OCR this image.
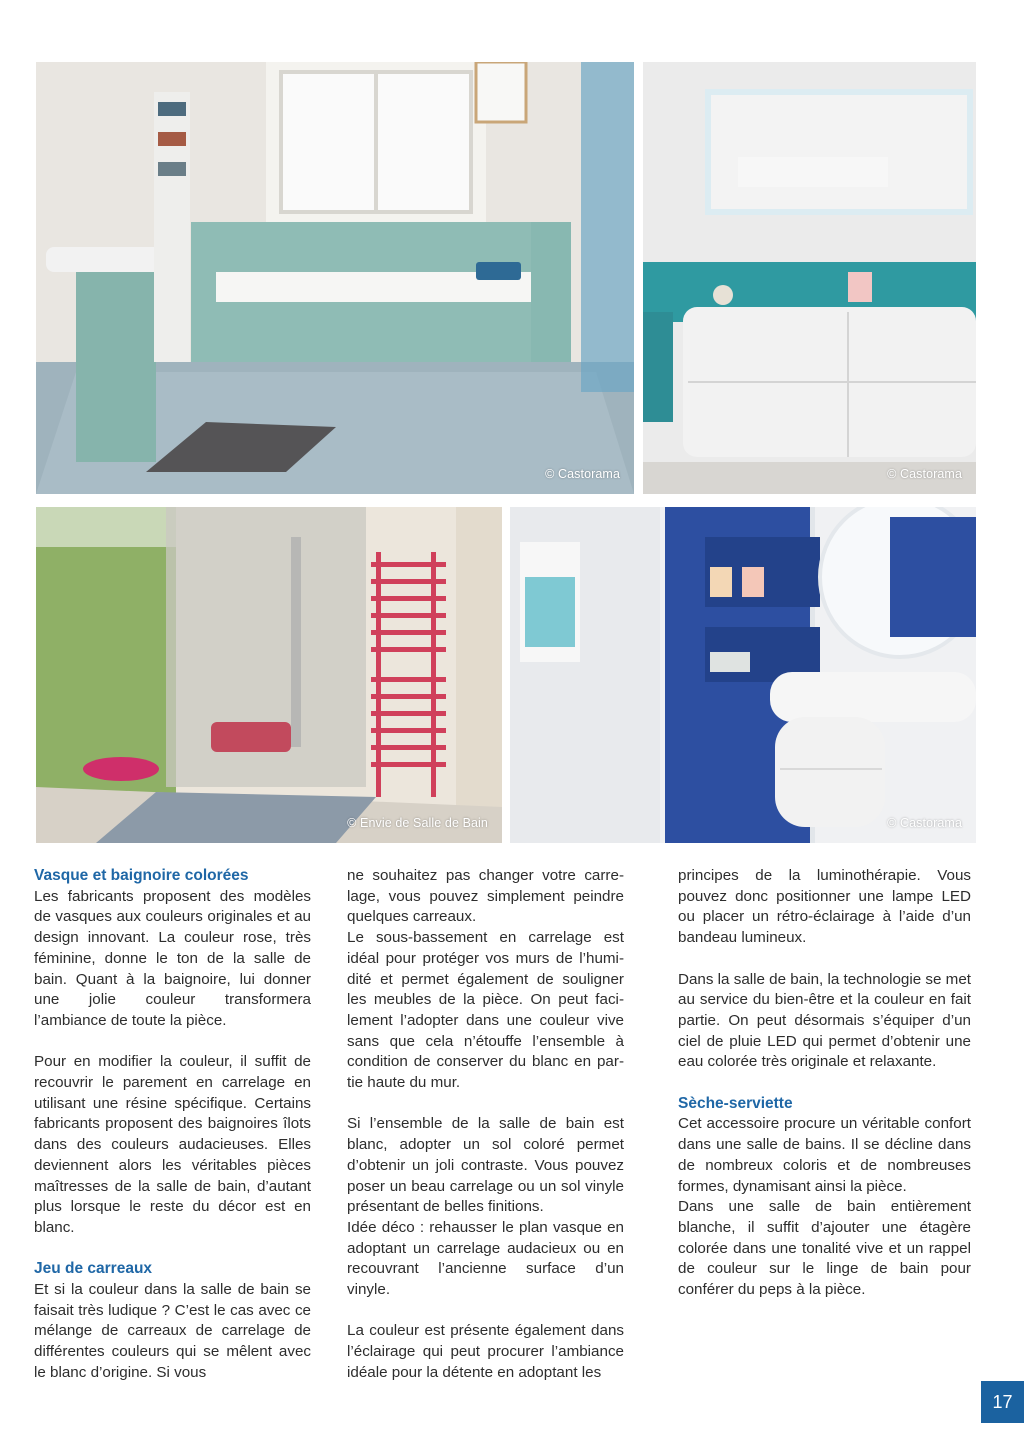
© Castorama	© Castorama
© Envie de Salle de Bain	© Castorama
Vasque et baignoire colorées

Les fabricants proposent des modèles de vasques aux couleurs originales et au design innovant. La couleur rose, très féminine, donne le ton de la salle de bain. Quant à la baignoire, lui donner une jolie couleur transformera l’ambiance de toute la pièce.

Pour en modifier la couleur, il suffit de recouvrir le parement en carrelage en utilisant une résine spécifique. Certains fabricants proposent des baignoires îlots dans des couleurs audacieuses. Elles deviennent alors les véritables pièces maîtresses de la salle de bain, d’autant plus lorsque le reste du décor est en blanc.

Jeu de carreaux

Et si la couleur dans la salle de bain se faisait très ludique ? C’est le cas avec ce mélange de carreaux de carrelage de différentes couleurs qui se mêlent avec le blanc d’origine. Si vous

ne souhaitez pas changer votre carrelage, vous pouvez simplement peindre quelques carreaux.

Le sous-bassement en carrelage est idéal pour protéger vos murs de l’humidité et permet également de souligner les meubles de la pièce. On peut facilement l’adopter dans une couleur vive sans que cela n’étouffe l’ensemble à condition de conserver du blanc en partie haute du mur.

Si l’ensemble de la salle de bain est blanc, adopter un sol coloré permet d’obtenir un joli contraste. Vous pouvez poser un beau carrelage ou un sol vinyle présentant de belles finitions.

Idée déco : rehausser le plan vasque en adoptant un carrelage audacieux ou en recouvrant l’ancienne surface d’un vinyle.

La couleur est présente également dans l’éclairage qui peut procurer l’ambiance idéale pour la détente en adoptant les

principes de la luminothérapie. Vous pouvez donc positionner une lampe LED ou placer un rétro-éclairage à l’aide d’un bandeau lumineux.

Dans la salle de bain, la technologie se met au service du bien-être et la couleur en fait partie. On peut désormais s’équiper d’un ciel de pluie LED qui permet d’obtenir une eau colorée très originale et relaxante.

Sèche-serviette

Cet accessoire procure un véritable confort dans une salle de bains. Il se décline dans de nombreux coloris et de nombreuses formes, dynamisant ainsi la pièce.

Dans une salle de bain entièrement blanche, il suffit d’ajouter une étagère colorée dans une tonalité vive et un rappel de couleur sur le linge de bain pour conférer du peps à la pièce.

17
